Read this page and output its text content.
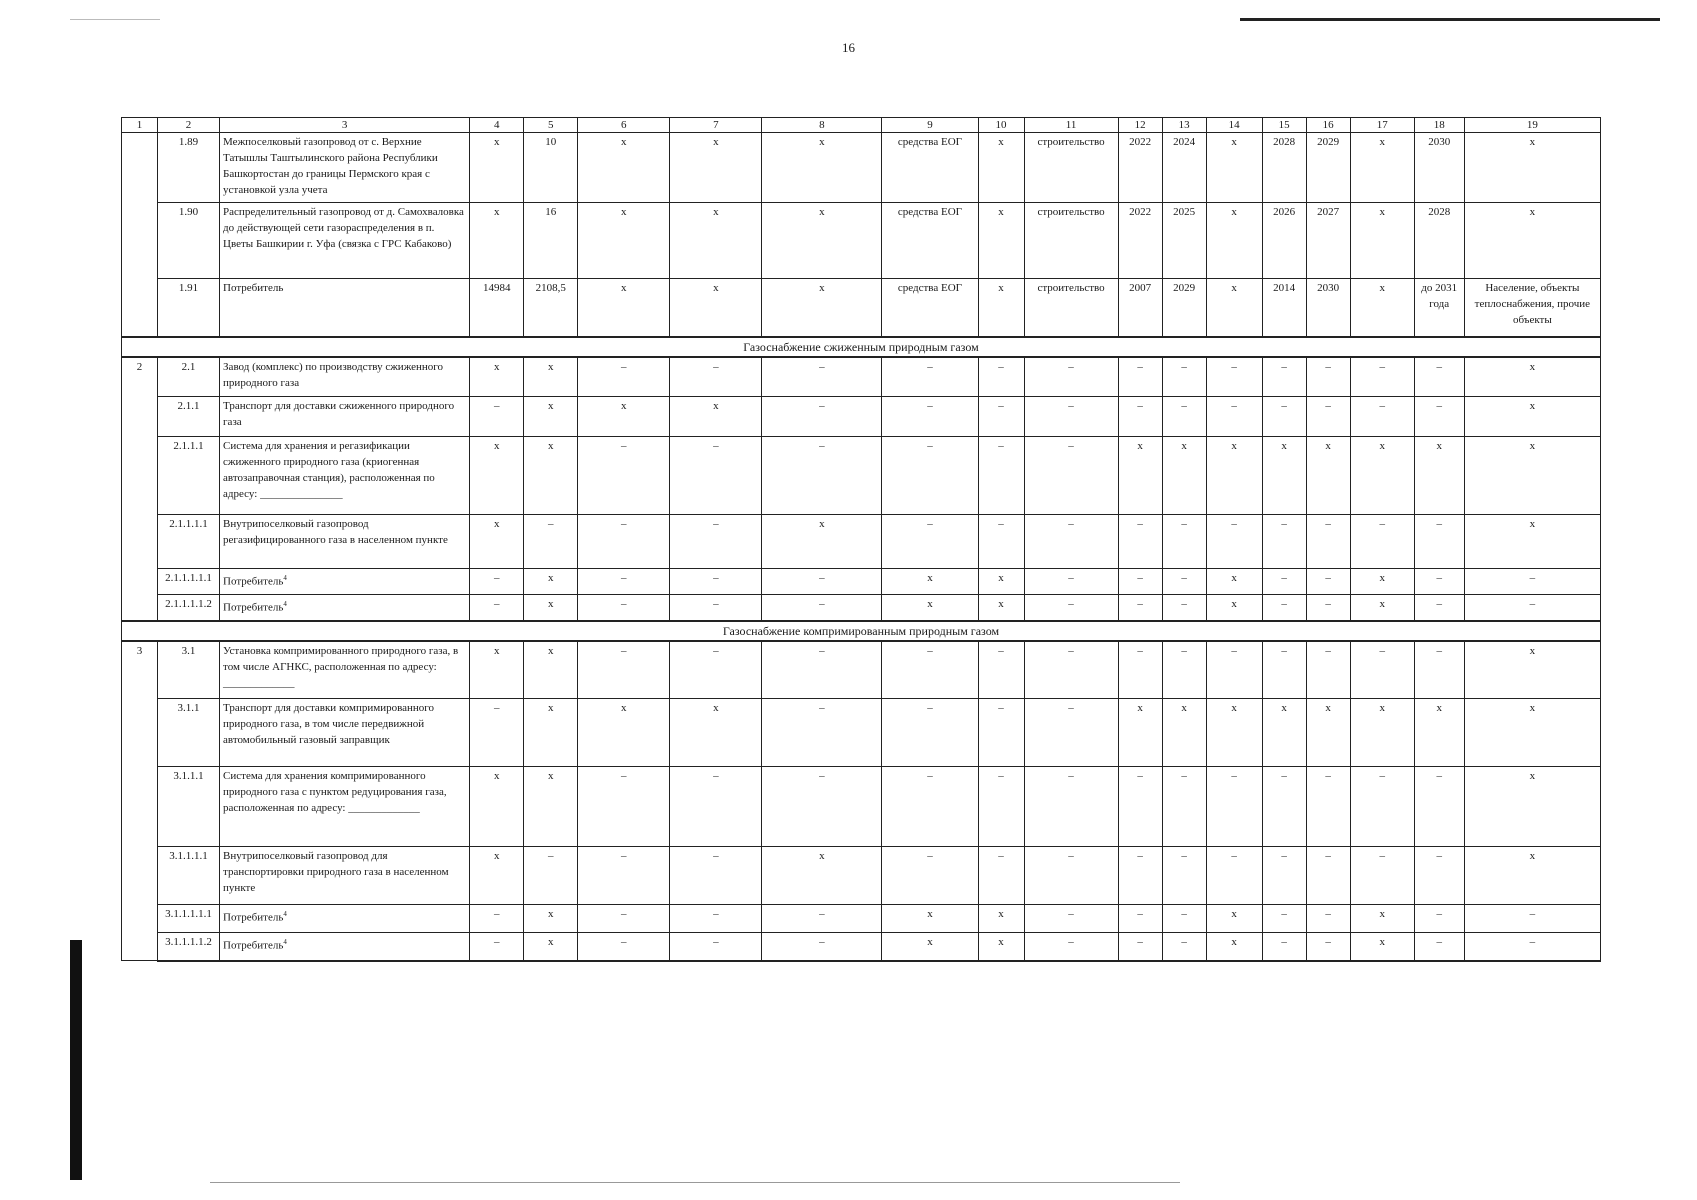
16
1	2	3	4	5	6	7	8	9	10	11	12	13	14	15	16	17	18	19
	1.89	Межпоселковый газопровод от с. Верхние Татышлы Таштылинского района Республики Башкортостан до границы Пермского края с установкой узла учета	x	10	x	x	x	средства ЕОГ	x	строительство	2022	2024	x	2028	2029	x	2030	x
	1.90	Распределительный газопровод от д. Самохваловка до действующей сети газораспределения в п. Цветы Башкирии г. Уфа (связка с ГРС Кабаково)	x	16	x	x	x	средства ЕОГ	x	строительство	2022	2025	x	2026	2027	x	2028	x
	1.91	Потребитель	14984	2108,5	x	x	x	средства ЕОГ	x	строительство	2007	2029	x	2014	2030	x	до 2031 года	Население, объекты теплоснабжения, прочие объекты
Газоснабжение сжиженным природным газом																		
2	2.1	Завод (комплекс) по производству сжиженного природного газа	x	x	–	–	–	–	–	–	–	–	–	–	–	–	–	x
	2.1.1	Транспорт для доставки сжиженного природного газа	–	x	x	x	–	–	–	–	–	–	–	–	–	–	–	x
	2.1.1.1	Система для хранения и регазификации сжиженного природного газа (криогенная автозаправочная станция), расположенная по адресу: _______________	x	x	–	–	–	–	–	–	x	x	x	x	x	x	x	x
	2.1.1.1.1	Внутрипоселковый газопровод регазифицированного газа в населенном пункте	x	–	–	–	x	–	–	–	–	–	–	–	–	–	–	x
	2.1.1.1.1.1	Потребитель$^4$	–	x	–	–	–	x	x	–	–	–	x	–	–	x	–	–
	2.1.1.1.1.2	Потребитель$^4$	–	x	–	–	–	x	x	–	–	–	x	–	–	x	–	–
Газоснабжение компримированным природным газом																		
3	3.1	Установка компримированного природного газа, в том числе АГНКС, расположенная по адресу: _____________	x	x	–	–	–	–	–	–	–	–	–	–	–	–	–	x
	3.1.1	Транспорт для доставки компримированного природного газа, в том числе передвижной автомобильный газовый заправщик	–	x	x	x	–	–	–	–	x	x	x	x	x	x	x	x
	3.1.1.1	Система для хранения компримированного природного газа с пунктом редуцирования газа, расположенная по адресу: _____________	x	x	–	–	–	–	–	–	–	–	–	–	–	–	–	x
	3.1.1.1.1	Внутрипоселковый газопровод для транспортировки природного газа в населенном пункте	x	–	–	–	x	–	–	–	–	–	–	–	–	–	–	x
	3.1.1.1.1.1	Потребитель$^4$	–	x	–	–	–	x	x	–	–	–	x	–	–	x	–	–
	3.1.1.1.1.2	Потребитель$^4$	–	x	–	–	–	x	x	–	–	–	x	–	–	x	–	–
